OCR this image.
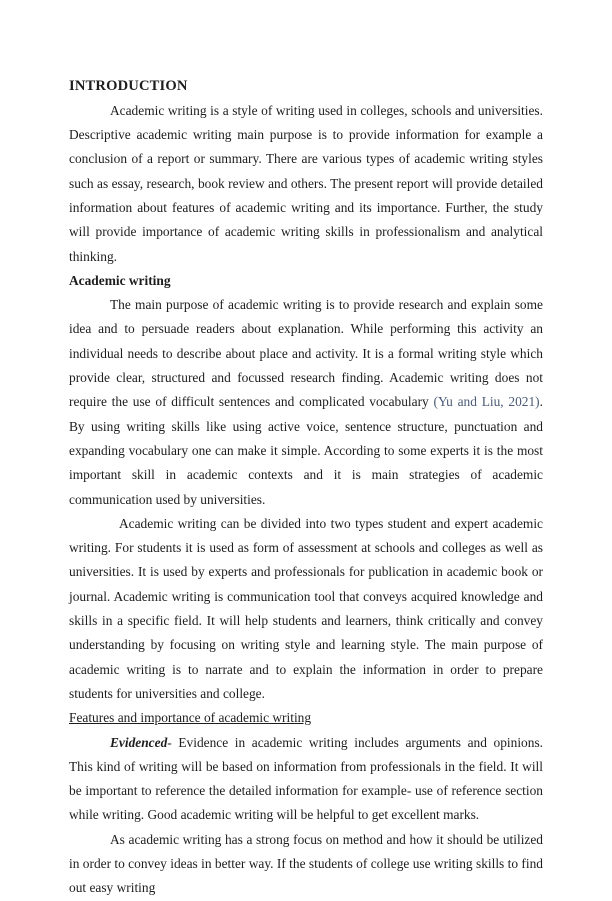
INTRODUCTION

Academic writing is a style of writing used in colleges, schools and universities. Descriptive academic writing main purpose is to provide information for example a conclusion of a report or summary. There are various types of academic writing styles such as essay, research, book review and others. The present report will provide detailed information about features of academic writing and its importance. Further, the study will provide importance of academic writing skills in professionalism and analytical thinking.

Academic writing

The main purpose of academic writing is to provide research and explain some idea and to persuade readers about explanation. While performing this activity an individual needs to describe about place and activity. It is a formal writing style which provide clear, structured and focussed research finding. Academic writing does not require the use of difficult sentences and complicated vocabulary (Yu and Liu, 2021). By using writing skills like using active voice, sentence structure, punctuation and expanding vocabulary one can make it simple. According to some experts it is the most important skill in academic contexts and it is main strategies of academic communication used by universities.

Academic writing can be divided into two types student and expert academic writing. For students it is used as form of assessment at schools and colleges as well as universities. It is used by experts and professionals for publication in academic book or journal. Academic writing is communication tool that conveys acquired knowledge and skills in a specific field. It will help students and learners, think critically and convey understanding by focusing on writing style and learning style. The main purpose of academic writing is to narrate and to explain the information in order to prepare students for universities and college.

Features and importance of academic writing

Evidenced- Evidence in academic writing includes arguments and opinions. This kind of writing will be based on information from professionals in the field. It will be important to reference the detailed information for example- use of reference section while writing. Good academic writing will be helpful to get excellent marks.

As academic writing has a strong focus on method and how it should be utilized in order to convey ideas in better way. If the students of college use writing skills to find out easy writing
